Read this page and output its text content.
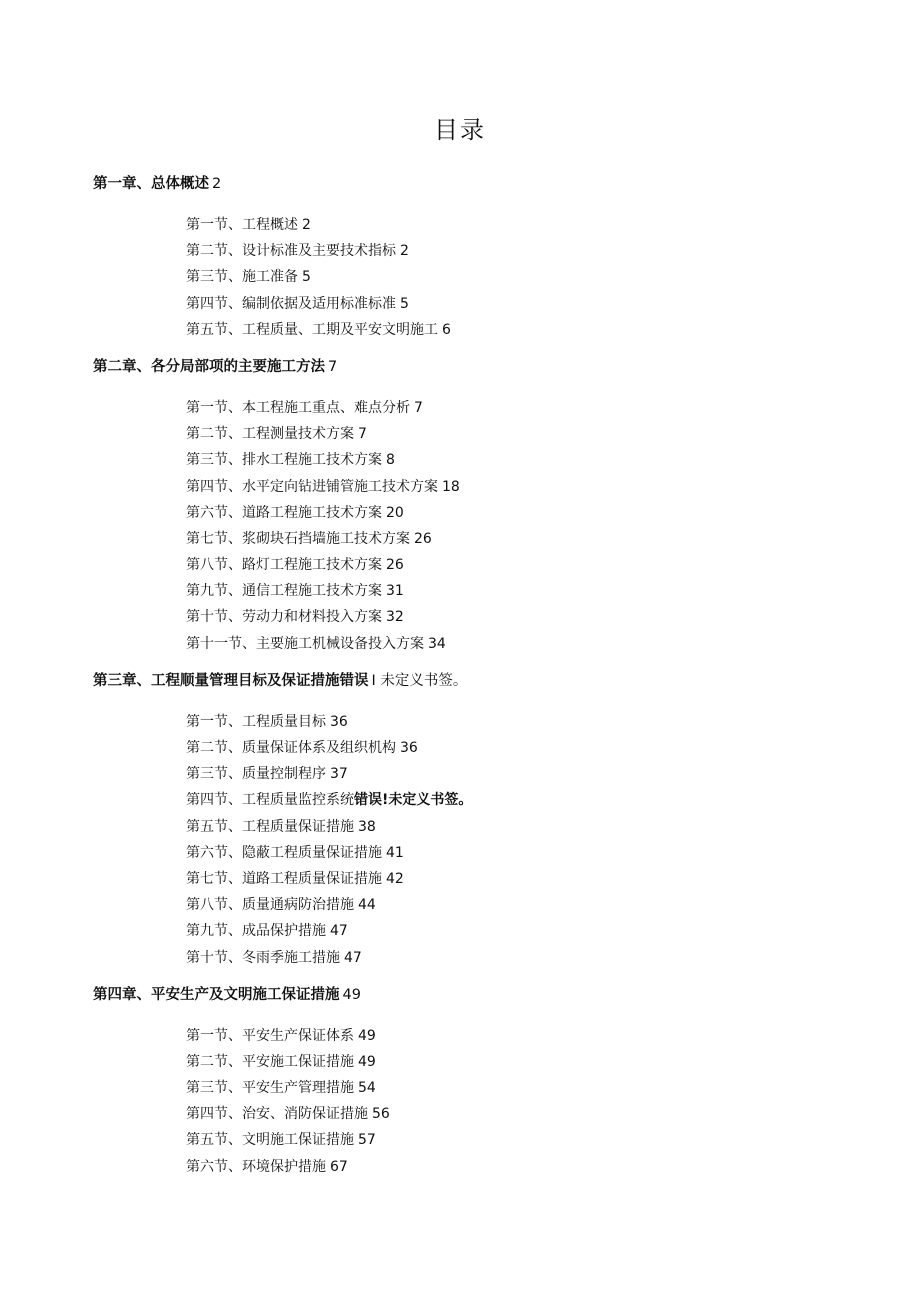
目录
第一章、总体概述 2
第一节、工程概述 2
第二节、设计标准及主要技术指标 2
第三节、施工准备 5
第四节、编制依据及适用标准标准 5
第五节、工程质量、工期及平安文明施工 6
第二章、各分局部项的主要施工方法 7
第一节、本工程施工重点、难点分析 7
第二节、工程测量技术方案 7
第三节、排水工程施工技术方案 8
第四节、水平定向钻进铺管施工技术方案 18
第六节、道路工程施工技术方案 20
第七节、浆砌块石挡墙施工技术方案 26
第八节、路灯工程施工技术方案 26
第九节、通信工程施工技术方案 31
第十节、劳动力和材料投入方案 32
第十一节、主要施工机械设备投入方案 34
第三章、工程顺量管理目标及保证措施错误 I 未定义书签。
第一节、工程质量目标 36
第二节、质量保证体系及组织机构 36
第三节、质量控制程序 37
第四节、工程质量监控系统错误!未定义书签。
第五节、工程质量保证措施 38
第六节、隐蔽工程质量保证措施 41
第七节、道路工程质量保证措施 42
第八节、质量通病防治措施 44
第九节、成品保护措施 47
第十节、冬雨季施工措施 47
第四章、平安生产及文明施工保证措施 49
第一节、平安生产保证体系 49
第二节、平安施工保证措施 49
第三节、平安生产管理措施 54
第四节、治安、消防保证措施 56
第五节、文明施工保证措施 57
第六节、环境保护措施 67
